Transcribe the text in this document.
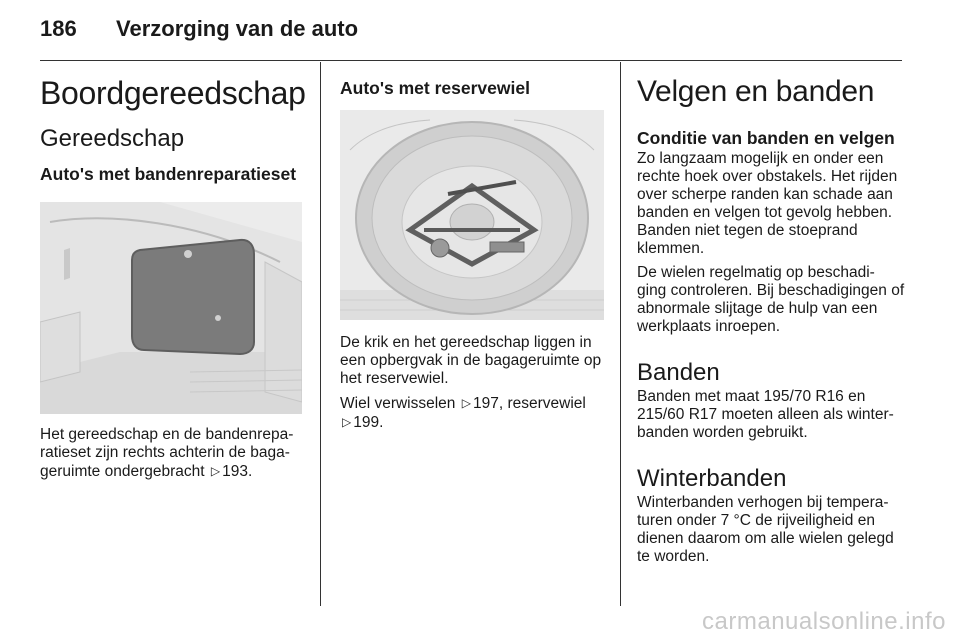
186	Verzorging van de auto
Boordgereedschap
Gereedschap
Auto's met bandenreparatieset

Het gereedschap en de bandenrepa- ratieset zijn rechts achterin de baga- geruimte ondergebracht ▷ 193.

Auto's met reservewiel

De krik en het gereedschap liggen in een opbergvak in de bagageruimte op het reservewiel.

Wiel verwisselen ▷ 197, reservewiel
▷ 199.

Velgen en banden
Conditie van banden en velgen

Zo langzaam mogelijk en onder een rechte hoek over obstakels. Het rijden over scherpe randen kan schade aan banden en velgen tot gevolg hebben. Banden niet tegen de stoeprand klemmen.

De wielen regelmatig op beschadi- ging controleren. Bij beschadigingen of abnormale slijtage de hulp van een werkplaats inroepen.

Banden

Banden met maat 195/70 R16 en 215/60 R17 moeten alleen als winter- banden worden gebruikt.

Winterbanden

Winterbanden verhogen bij tempera- turen onder 7 °C de rijveiligheid en dienen daarom om alle wielen gelegd te worden.

carmanualsonline.info
